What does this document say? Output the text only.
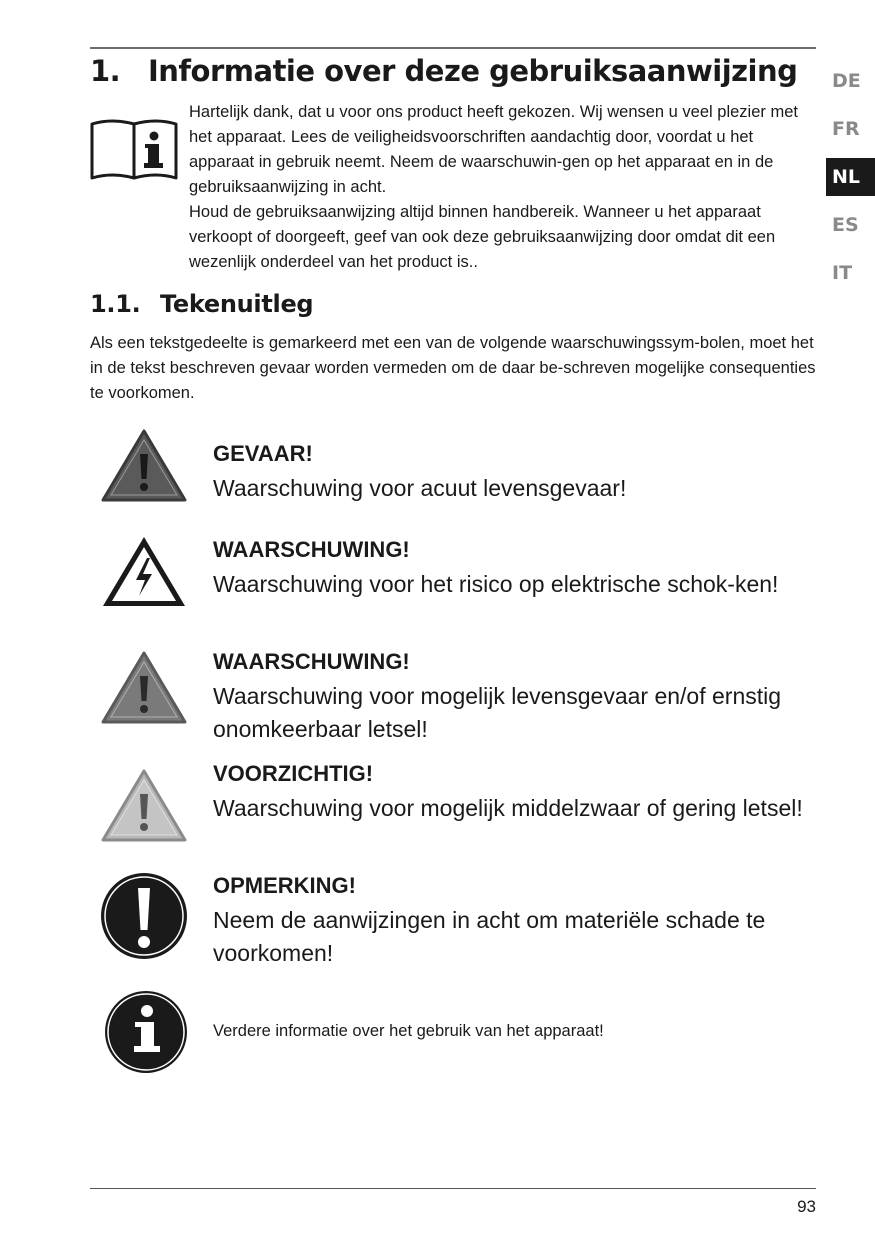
1. Informatie over deze gebruiksaanwijzing

Hartelijk dank, dat u voor ons product heeft gekozen. Wij wensen u veel plezier met het apparaat. Lees de veiligheidsvoorschriften aandachtig door, voordat u het apparaat in gebruik neemt. Neem de waarschuwin-gen op het apparaat en in de gebruiksaanwijzing in acht.

Houd de gebruiksaanwijzing altijd binnen handbereik. Wanneer u het apparaat verkoopt of doorgeeft, geef van ook deze gebruiksaanwijzing door omdat dit een wezenlijk onderdeel van het product is..

1.1. Tekenuitleg

Als een tekstgedeelte is gemarkeerd met een van de volgende waarschuwingssym-bolen, moet het in de tekst beschreven gevaar worden vermeden om de daar be-schreven mogelijke consequenties te voorkomen.

DE
FR
NL
ES
IT
GEVAAR!
Waarschuwing voor acuut levensgevaar!
WAARSCHUWING!
Waarschuwing voor het risico op elektrische schok-ken!
WAARSCHUWING!
Waarschuwing voor mogelijk levensgevaar en/of ernstig onomkeerbaar letsel!
VOORZICHTIG!
Waarschuwing voor mogelijk middelzwaar of gering letsel!
OPMERKING!
Neem de aanwijzingen in acht om materiële schade te voorkomen!
Verdere informatie over het gebruik van het apparaat!
93
